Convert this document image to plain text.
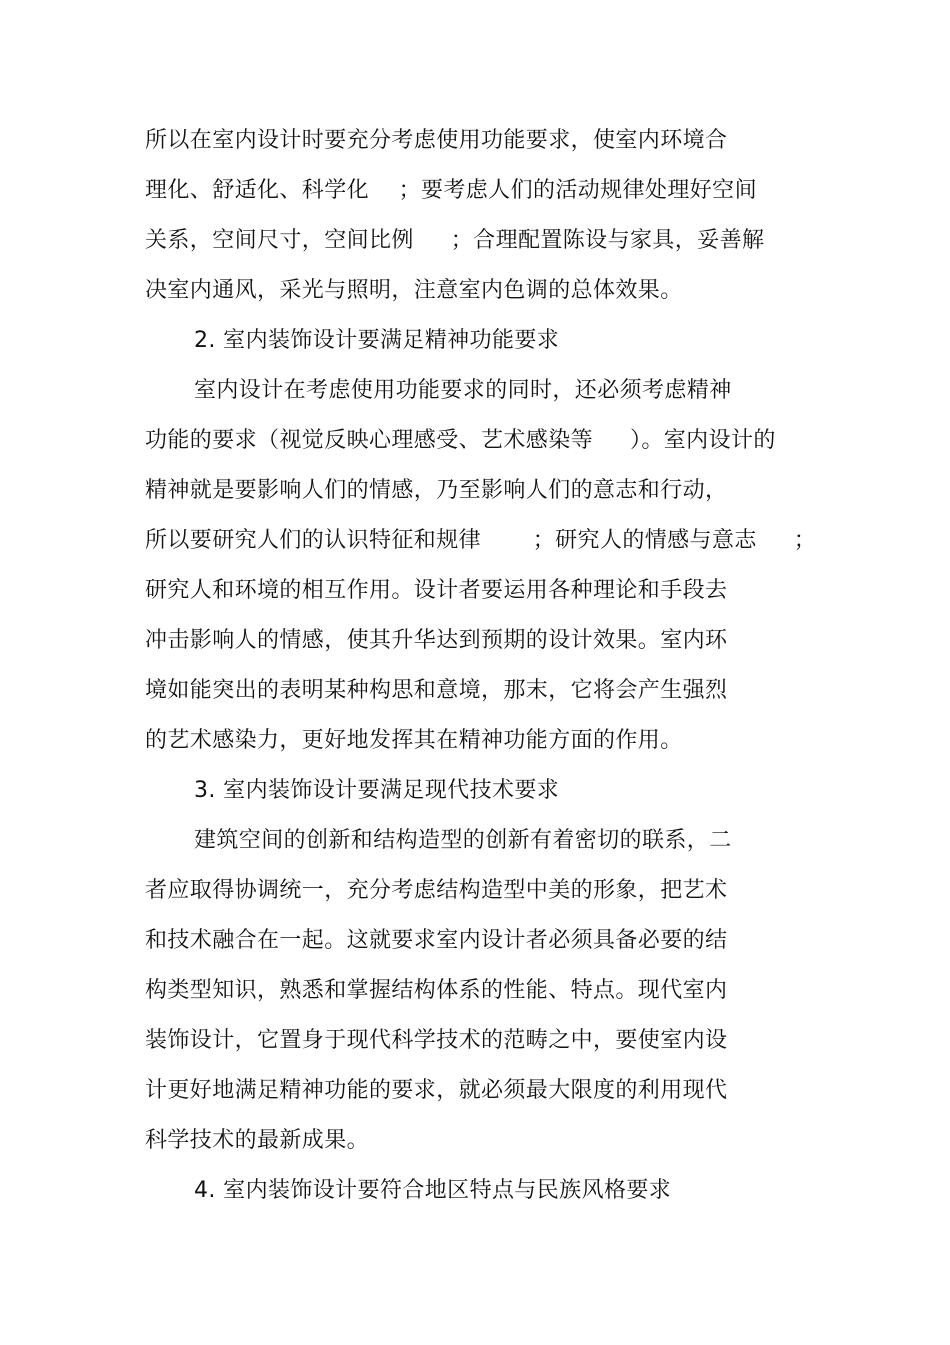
所以在室内设计时要充分考虑使用功能要求，使室内环境合
理化、舒适化、科学化    ；要考虑人们的活动规律处理好空间
关系，空间尺寸，空间比例     ；合理配置陈设与家具，妥善解
决室内通风，采光与照明，注意室内色调的总体效果。
2. 室内装饰设计要满足精神功能要求
室内设计在考虑使用功能要求的同时，还必须考虑精神
功能的要求（视觉反映心理感受、艺术感染等     ）。室内设计的
精神就是要影响人们的情感，乃至影响人们的意志和行动，
所以要研究人们的认识特征和规律       ；研究人的情感与意志     ；
研究人和环境的相互作用。设计者要运用各种理论和手段去
冲击影响人的情感，使其升华达到预期的设计效果。室内环
境如能突出的表明某种构思和意境，那末，它将会产生强烈
的艺术感染力，更好地发挥其在精神功能方面的作用。
3. 室内装饰设计要满足现代技术要求
建筑空间的创新和结构造型的创新有着密切的联系，二
者应取得协调统一，充分考虑结构造型中美的形象，把艺术
和技术融合在一起。这就要求室内设计者必须具备必要的结
构类型知识，熟悉和掌握结构体系的性能、特点。现代室内
装饰设计，它置身于现代科学技术的范畴之中，要使室内设
计更好地满足精神功能的要求，就必须最大限度的利用现代
科学技术的最新成果。
4. 室内装饰设计要符合地区特点与民族风格要求
